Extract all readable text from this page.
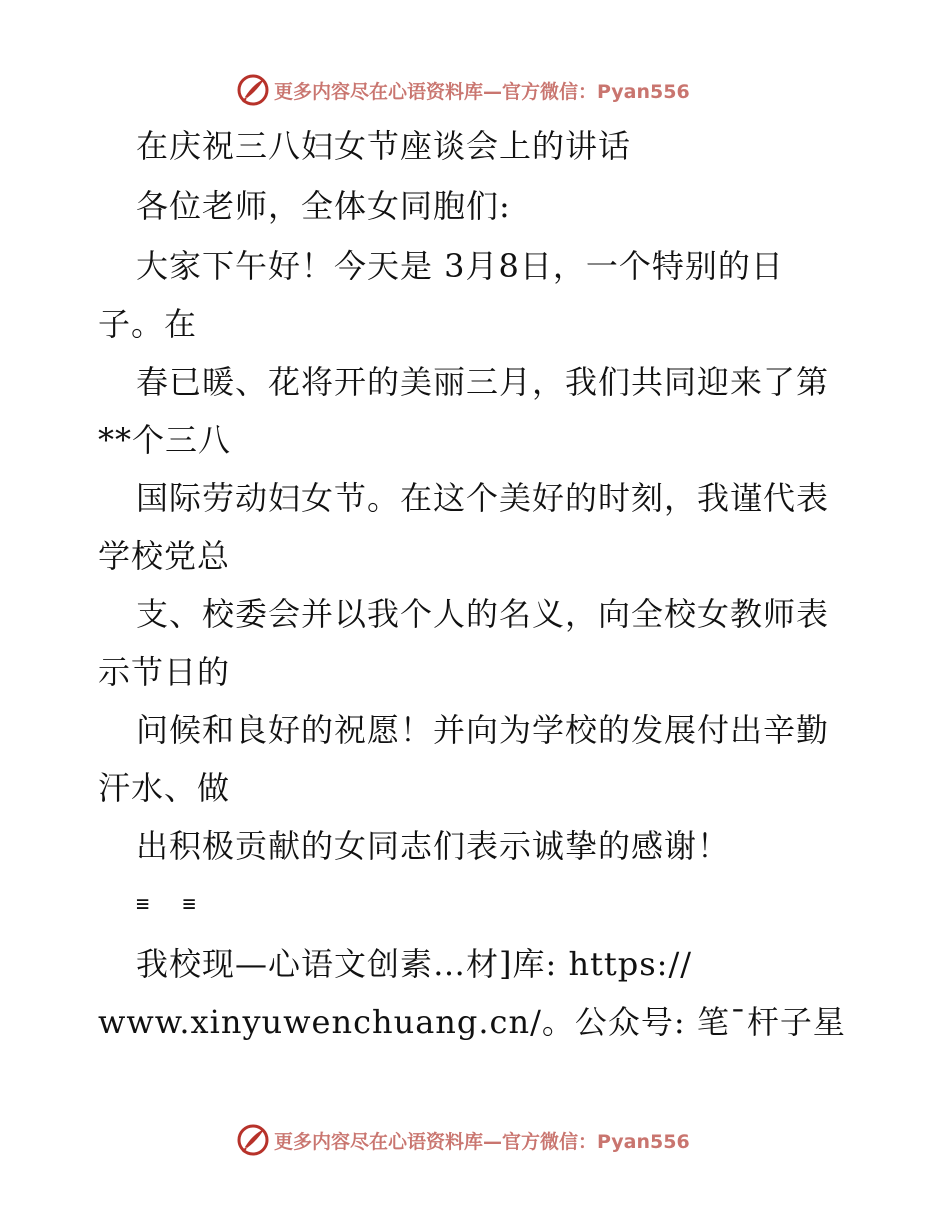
更多内容尽在心语资料库—官方微信：Pyan556
在庆祝三八妇女节座谈会上的讲话
各位老师，全体女同胞们:
大家下午好！今天是 3月8日，一个特别的日
子。在
春已暖、花将开的美丽三月，我们共同迎来了第
**个三八
国际劳动妇女节。在这个美好的时刻，我谨代表
学校党总
支、校委会并以我个人的名义，向全校女教师表
示节日的
问候和良好的祝愿！并向为学校的发展付出辛勤
汗水、做
出积极贡献的女同志们表示诚挚的感谢！
≡ ≡
我校现—心语文创素…材]库: https://
www.xinyuwenchuang.cn/。公众号: 笔¯杆子星
更多内容尽在心语资料库—官方微信：Pyan556
